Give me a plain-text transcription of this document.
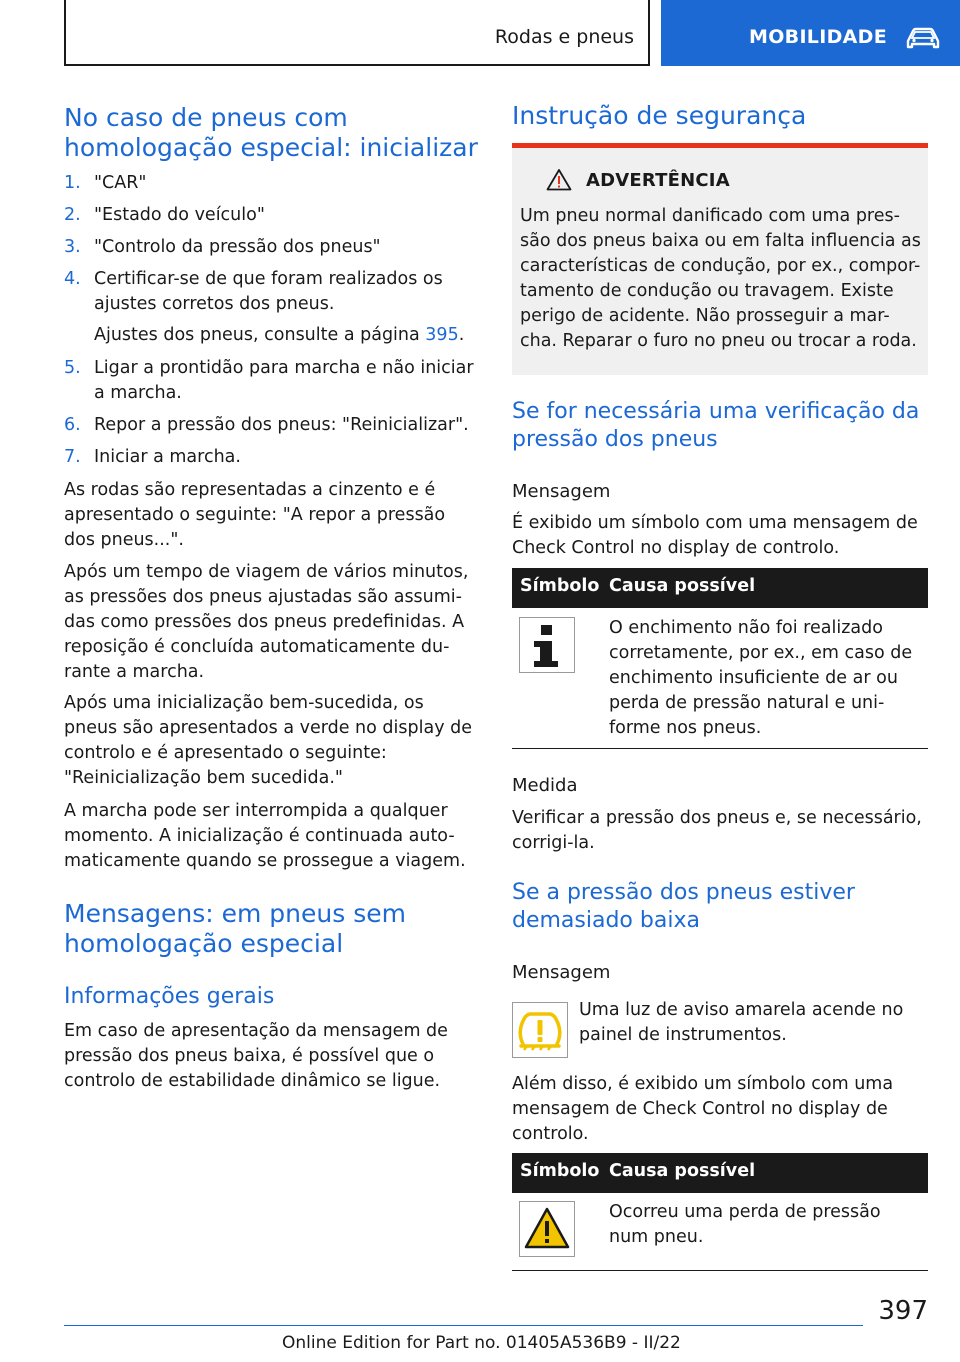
Rodas e pneus	MOBILIDADE
No caso de pneus com
homologação especial: inicializar
1. "CAR"
2. "Estado do veículo"
3. "Controlo da pressão dos pneus"
4. Certificar-se de que foram realizados os
ajustes corretos dos pneus.
Ajustes dos pneus, consulte a página 395.
5. Ligar a prontidão para marcha e não iniciar
a marcha.
6. Repor a pressão dos pneus: "Reinicializar".
7. Iniciar a marcha.

As rodas são representadas a cinzento e é
apresentado o seguinte: "A repor a pressão
dos pneus...".

Após um tempo de viagem de vários minutos,
as pressões dos pneus ajustadas são assumi-
das como pressões dos pneus predefinidas. A
reposição é concluída automaticamente du-
rante a marcha.

Após uma inicialização bem-sucedida, os
pneus são apresentados a verde no display de
controlo e é apresentado o seguinte:
"Reinicialização bem sucedida."

A marcha pode ser interrompida a qualquer
momento. A inicialização é continuada auto-
maticamente quando se prossegue a viagem.

Mensagens: em pneus sem
homologação especial
Informações gerais

Em caso de apresentação da mensagem de
pressão dos pneus baixa, é possível que o
controlo de estabilidade dinâmico se ligue.

Instrução de segurança
ADVERTÊNCIA

Um pneu normal danificado com uma pres-
são dos pneus baixa ou em falta influencia as
características de condução, por ex., compor-
tamento de condução ou travagem. Existe
perigo de acidente. Não prosseguir a mar-
cha. Reparar o furo no pneu ou trocar a roda.

Se for necessária uma verificação da
pressão dos pneus
Mensagem

É exibido um símbolo com uma mensagem de
Check Control no display de controlo.

Símbolo Causa possível

O enchimento não foi realizado
corretamente, por ex., em caso de
enchimento insuficiente de ar ou
perda de pressão natural e uni-
forme nos pneus.

Medida

Verificar a pressão dos pneus e, se necessário,
corrigi-la.

Se a pressão dos pneus estiver
demasiado baixa
Mensagem

Uma luz de aviso amarela acende no
painel de instrumentos.

Além disso, é exibido um símbolo com uma
mensagem de Check Control no display de
controlo.

Símbolo Causa possível

Ocorreu uma perda de pressão
num pneu.

397
Online Edition for Part no. 01405A536B9 - II/22
